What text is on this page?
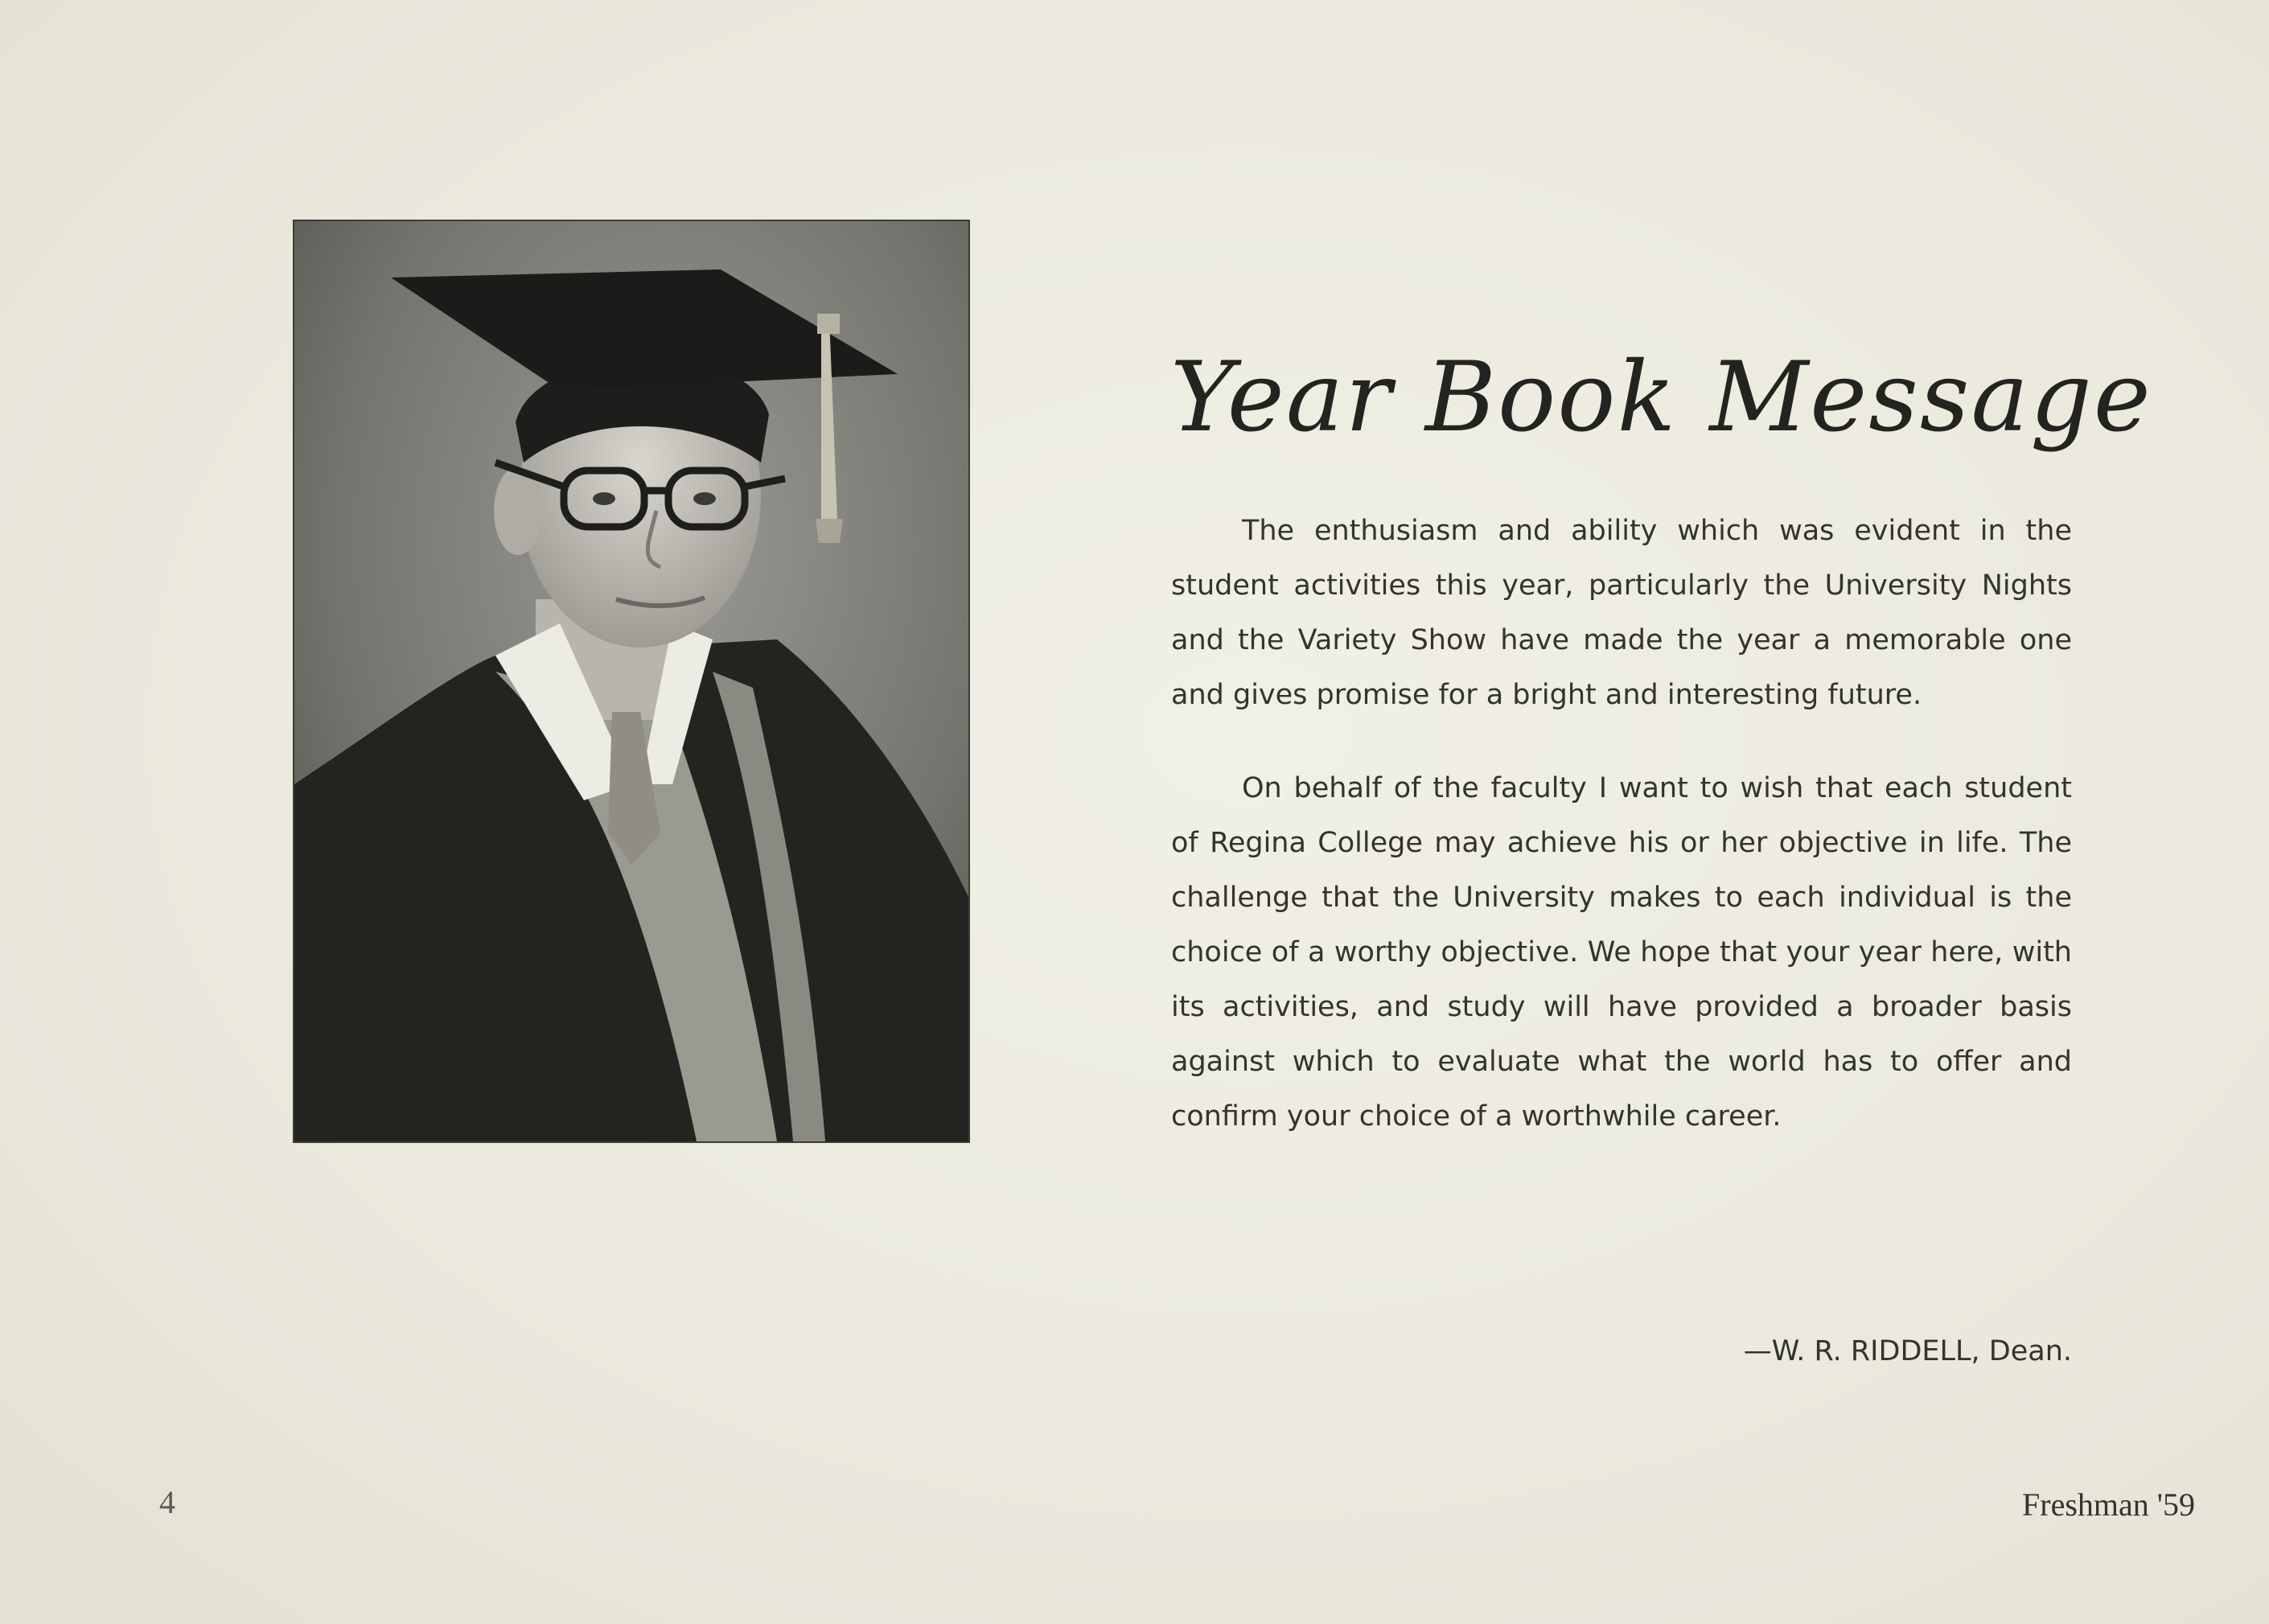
Year Book Message

The enthusiasm and ability which was evident in the student activities this year, particularly the University Nights and the Variety Show have made the year a memorable one and gives promise for a bright and interesting future.

On behalf of the faculty I want to wish that each student of Regina College may achieve his or her objective in life. The challenge that the University makes to each individual is the choice of a worthy objective. We hope that your year here, with its activities, and study will have provided a broader basis against which to evaluate what the world has to offer and confirm your choice of a worthwhile career.

—W. R. RIDDELL, Dean.
4	Freshman '59
